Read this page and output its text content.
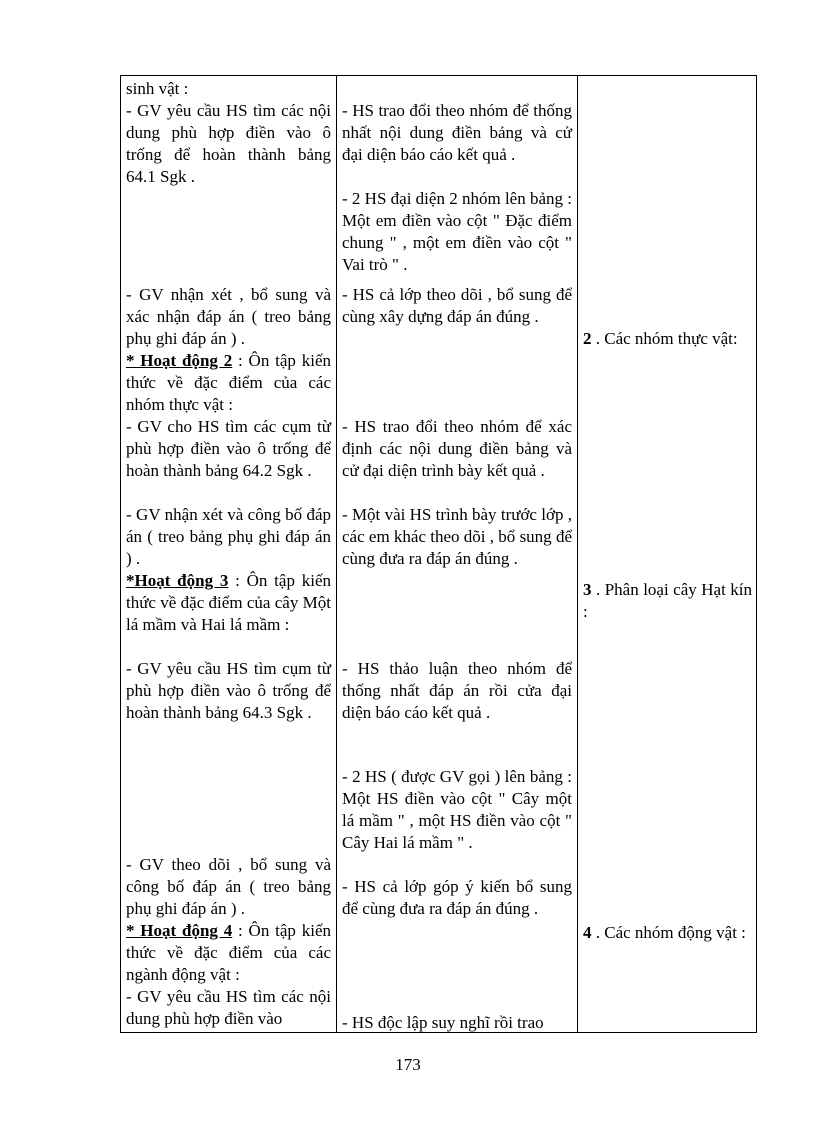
sinh vật :

- GV yêu cầu HS tìm các nội dung phù hợp điền vào ô trống để hoàn thành bảng 64.1 Sgk .

- GV nhận xét , bổ sung và xác nhận đáp án ( treo bảng phụ ghi đáp án ) .

* Hoạt động 2 : Ôn tập kiến thức về đặc điểm của các nhóm thực vật :

- GV cho HS tìm các cụm từ phù hợp điền vào ô trống để hoàn thành bảng 64.2 Sgk .

- GV nhận xét và công bố đáp án ( treo bảng phụ ghi đáp án ) .

*Hoạt động 3 : Ôn tập kiến thức về đặc điểm của cây Một lá mầm và Hai lá mầm :

- GV yêu cầu HS tìm cụm từ phù hợp điền vào ô trống để hoàn thành bảng 64.3 Sgk .

- GV theo dõi , bổ sung và công bố đáp án ( treo bảng phụ ghi đáp án ) .

* Hoạt động 4 : Ôn tập kiến thức về đặc điểm của các ngành động vật :

- GV yêu cầu HS tìm các nội dung phù hợp điền vào

- HS trao đổi theo nhóm để thống nhất nội dung điền bảng và cử đại diện báo cáo kết quả .

- 2 HS đại diện 2 nhóm lên bảng : Một em điền vào cột " Đặc điểm chung " , một em điền vào cột " Vai trò " .

- HS cả lớp theo dõi , bổ sung để cùng xây dựng đáp án đúng .

- HS trao đổi theo nhóm để xác định các nội dung điền bảng và cử đại diện trình bày kết quả .

- Một vài HS trình bày trước lớp , các em khác theo dõi , bổ sung để cùng đưa ra đáp án đúng .

- HS thảo luận theo nhóm để thống nhất đáp án rồi cửa đại diện báo cáo kết quả .

- 2 HS ( được GV gọi ) lên bảng : Một HS điền vào cột " Cây một lá mầm " , một HS điền vào cột " Cây Hai lá mầm " .

- HS cả lớp góp ý kiến bổ sung để cùng đưa ra đáp án đúng .

- HS độc lập suy nghĩ rồi trao

2 . Các nhóm thực vật:

3 . Phân loại cây Hạt kín :

4 . Các nhóm động vật :

173
